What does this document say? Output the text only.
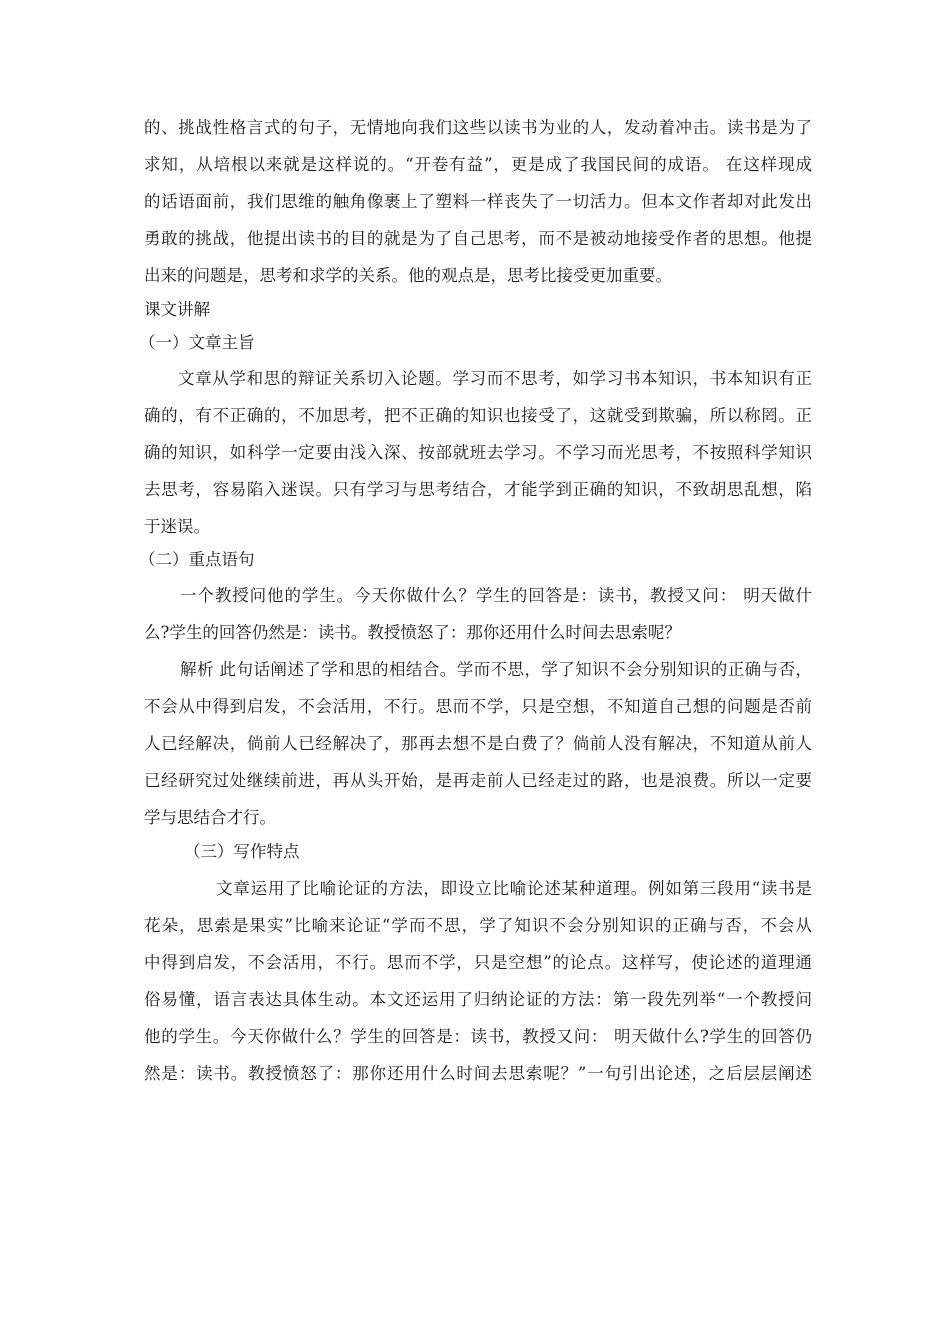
的、挑战性格言式的句子，无情地向我们这些以读书为业的人，发动着冲击。读书是为了

求知，从培根以来就是这样说的。“开卷有益”，更是成了我国民间的成语。 在这样现成

的话语面前，我们思维的触角像裹上了塑料一样丧失了一切活力。但本文作者却对此发出

勇敢的挑战，他提出读书的目的就是为了自己思考，而不是被动地接受作者的思想。他提

出来的问题是，思考和求学的关系。他的观点是，思考比接受更加重要。

课文讲解

（一）文章主旨

文章从学和思的辩证关系切入论题。学习而不思考，如学习书本知识，书本知识有正

确的，有不正确的，不加思考，把不正确的知识也接受了，这就受到欺骗，所以称罔。正

确的知识，如科学一定要由浅入深、按部就班去学习。不学习而光思考，不按照科学知识

去思考，容易陷入迷误。只有学习与思考结合，才能学到正确的知识，不致胡思乱想，陷

于迷误。

（二）重点语句

一个教授问他的学生。今天你做什么？学生的回答是：读书，教授又问： 明天做什

么?学生的回答仍然是：读书。教授愤怒了：那你还用什么时间去思索呢？

解析 此句话阐述了学和思的相结合。学而不思，学了知识不会分别知识的正确与否，

不会从中得到启发，不会活用，不行。思而不学，只是空想，不知道自己想的问题是否前

人已经解决，倘前人已经解决了，那再去想不是白费了？倘前人没有解决，不知道从前人

已经研究过处继续前进，再从头开始，是再走前人已经走过的路，也是浪费。所以一定要

学与思结合才行。

（三）写作特点

文章运用了比喻论证的方法，即设立比喻论述某种道理。例如第三段用“读书是

花朵，思索是果实”比喻来论证“学而不思，学了知识不会分别知识的正确与否，不会从

中得到启发，不会活用，不行。思而不学，只是空想”的论点。这样写，使论述的道理通

俗易懂，语言表达具体生动。本文还运用了归纳论证的方法：第一段先列举“一个教授问

他的学生。今天你做什么？学生的回答是：读书，教授又问： 明天做什么?学生的回答仍

然是：读书。教授愤怒了：那你还用什么时间去思索呢？”一句引出论述，之后层层阐述
